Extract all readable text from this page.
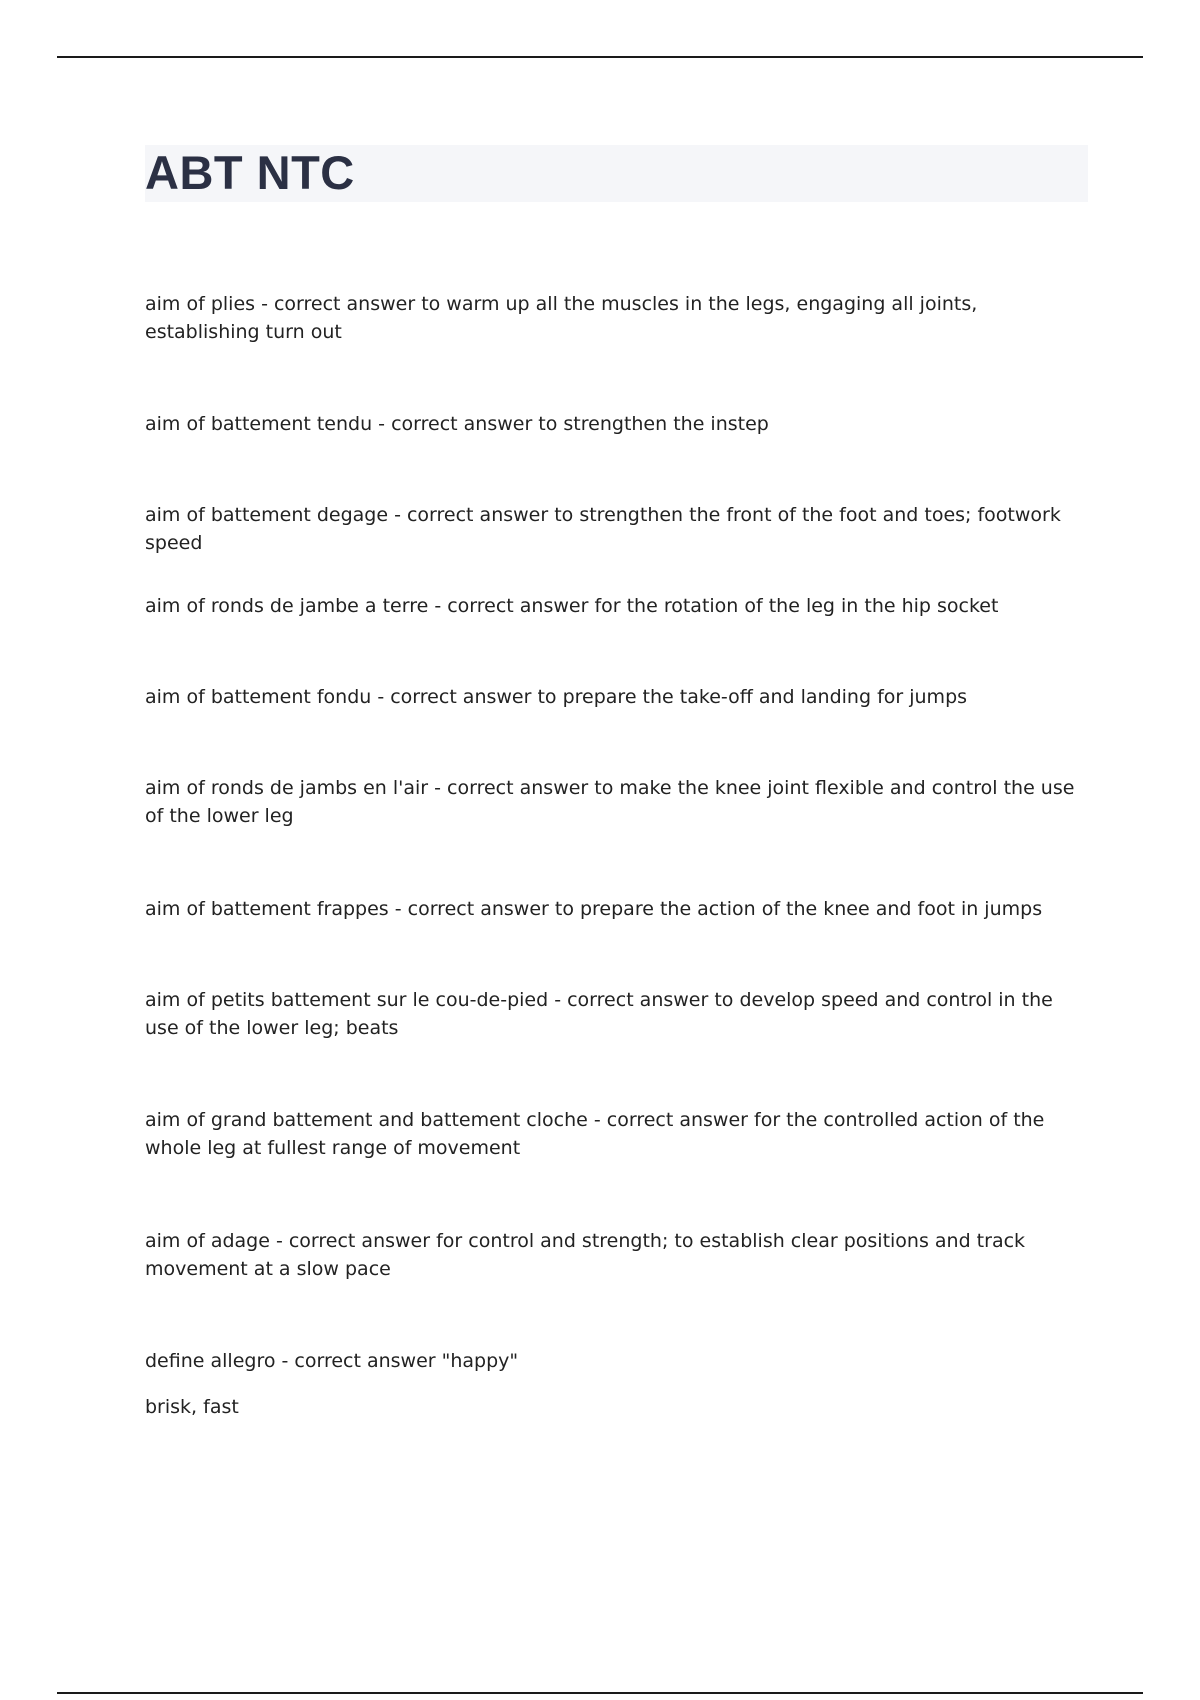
ABT NTC

aim of plies - correct answer to warm up all the muscles in the legs, engaging all joints, establishing turn out

aim of battement tendu - correct answer to strengthen the instep

aim of battement degage - correct answer to strengthen the front of the foot and toes; footwork speed

aim of ronds de jambe a terre - correct answer for the rotation of the leg in the hip socket

aim of battement fondu - correct answer to prepare the take-off and landing for jumps

aim of ronds de jambs en l'air - correct answer to make the knee joint flexible and control the use of the lower leg

aim of battement frappes - correct answer to prepare the action of the knee and foot in jumps

aim of petits battement sur le cou-de-pied - correct answer to develop speed and control in the use of the lower leg; beats

aim of grand battement and battement cloche - correct answer for the controlled action of the whole leg at fullest range of movement

aim of adage - correct answer for control and strength; to establish clear positions and track movement at a slow pace

define allegro - correct answer "happy"

brisk, fast
